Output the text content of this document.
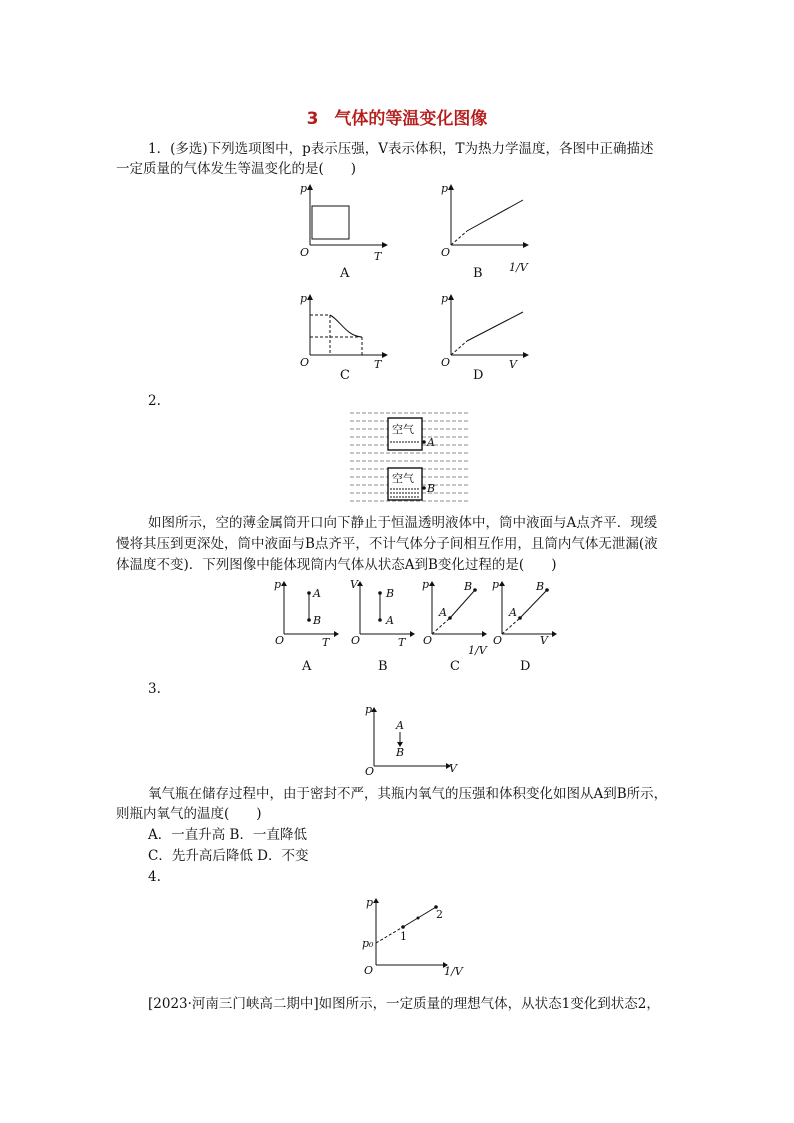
3 气体的等温变化图像
1．(多选)下列选项图中，p表示压强，V表示体积，T为热力学温度，各图中正确描述
一定质量的气体发生等温变化的是(　　)
p
O	T
A
p
O
1/V
B
p
O	T
C
p
O	V
D
2.
空气
A
空气
B
如图所示，空的薄金属筒开口向下静止于恒温透明液体中，筒中液面与A点齐平．现缓
慢将其压到更深处，筒中液面与B点齐平，不计气体分子间相互作用，且筒内气体无泄漏(液
体温度不变)．下列图像中能体现筒内气体从状态A到B变化过程的是(　　)
p
O	T
A
B
A
V
O	T
B
A
B
p
O
1/V
A
B
C
p
O	V
A
B
D
3.
p
O	V
A
B
氧气瓶在储存过程中，由于密封不严，其瓶内氧气的压强和体积变化如图从A到B所示，
则瓶内氧气的温度(　　)
A．一直升高 B．一直降低
C．先升高后降低 D．不变
4.
p
O	1/V
p₀
1
2
[2023·河南三门峡高二期中]如图所示，一定质量的理想气体，从状态1变化到状态2，
